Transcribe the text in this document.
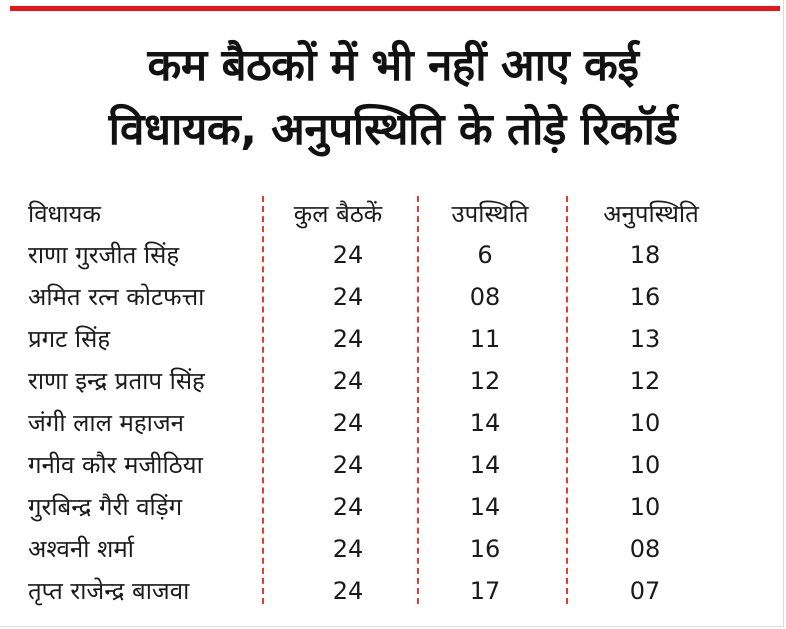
कम बैठकों में भी नहीं आए कई
विधायक, अनुपस्थिति के तोड़े रिकॉर्ड
विधायक	कुल बैठकें	उपस्थिति	अनुपस्थिति
राणा गुरजीत सिंह	24	6	18
अमित रत्न कोटफत्ता	24	08	16
प्रगट सिंह	24	11	13
राणा इन्द्र प्रताप सिंह	24	12	12
जंगी लाल महाजन	24	14	10
गनीव कौर मजीठिया	24	14	10
गुरबिन्द्र गैरी वड़िंग	24	14	10
अश्वनी शर्मा	24	16	08
तृप्त राजेन्द्र बाजवा	24	17	07
